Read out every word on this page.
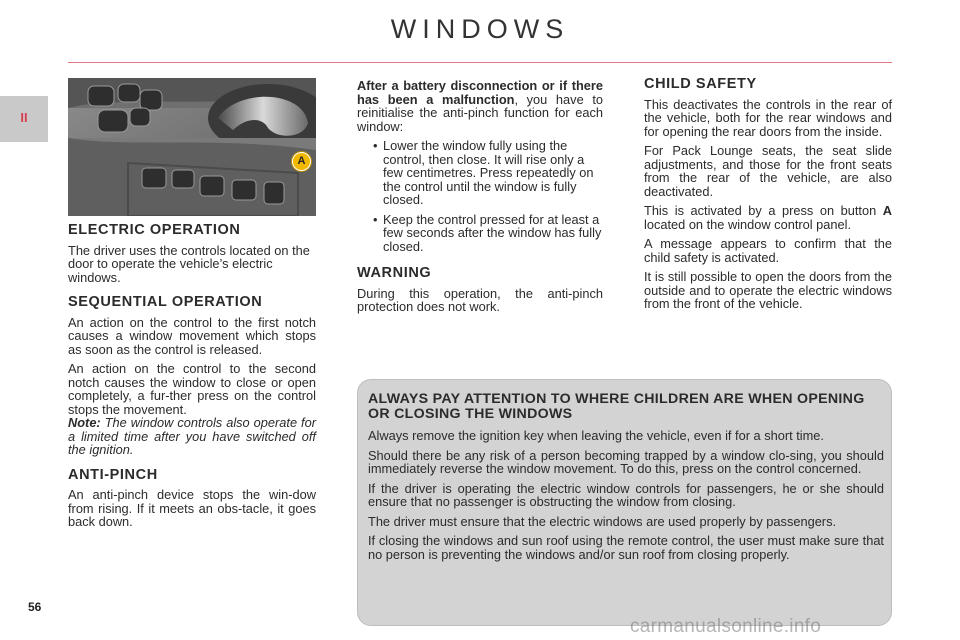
WINDOWS
II
56
A
ELECTRIC OPERATION

The driver uses the controls located on the door to operate the vehicle’s electric windows.

SEQUENTIAL OPERATION

An action on the control to the first notch causes a window movement which stops as soon as the control is released.

An action on the control to the second notch causes the window to close or open completely, a fur-ther press on the control stops the movement.

Note: The window controls also operate for a limited time after you have switched off the ignition.

ANTI-PINCH

An anti-pinch device stops the win-dow from rising. If it meets an obs-tacle, it goes back down.

After a battery disconnection or if there has been a malfunction, you have to reinitialise the anti-pinch function for each window:

• Lower the window fully using the control, then close. It will rise only a few centimetres. Press repeatedly on the control until the window is fully closed.
• Keep the control pressed for at least a few seconds after the window has fully closed.
WARNING

During this operation, the anti-pinch protection does not work.

CHILD SAFETY

This deactivates the controls in the rear of the vehicle, both for the rear windows and for opening the rear doors from the inside.

For Pack Lounge seats, the seat slide adjustments, and those for the front seats from the rear of the vehicle, are also deactivated.

This is activated by a press on button A located on the window control panel.

A message appears to confirm that the child safety is activated.

It is still possible to open the doors from the outside and to operate the electric windows from the front of the vehicle.

ALWAYS PAY ATTENTION TO WHERE CHILDREN ARE WHEN OPENING OR CLOSING THE WINDOWS

Always remove the ignition key when leaving the vehicle, even if for a short time.

Should there be any risk of a person becoming trapped by a window clo-sing, you should immediately reverse the window movement. To do this, press on the control concerned.

If the driver is operating the electric window controls for passengers, he or she should ensure that no passenger is obstructing the window from closing.

The driver must ensure that the electric windows are used properly by passengers.

If closing the windows and sun roof using the remote control, the user must make sure that no person is preventing the windows and/or sun roof from closing properly.

carmanualsonline.info
